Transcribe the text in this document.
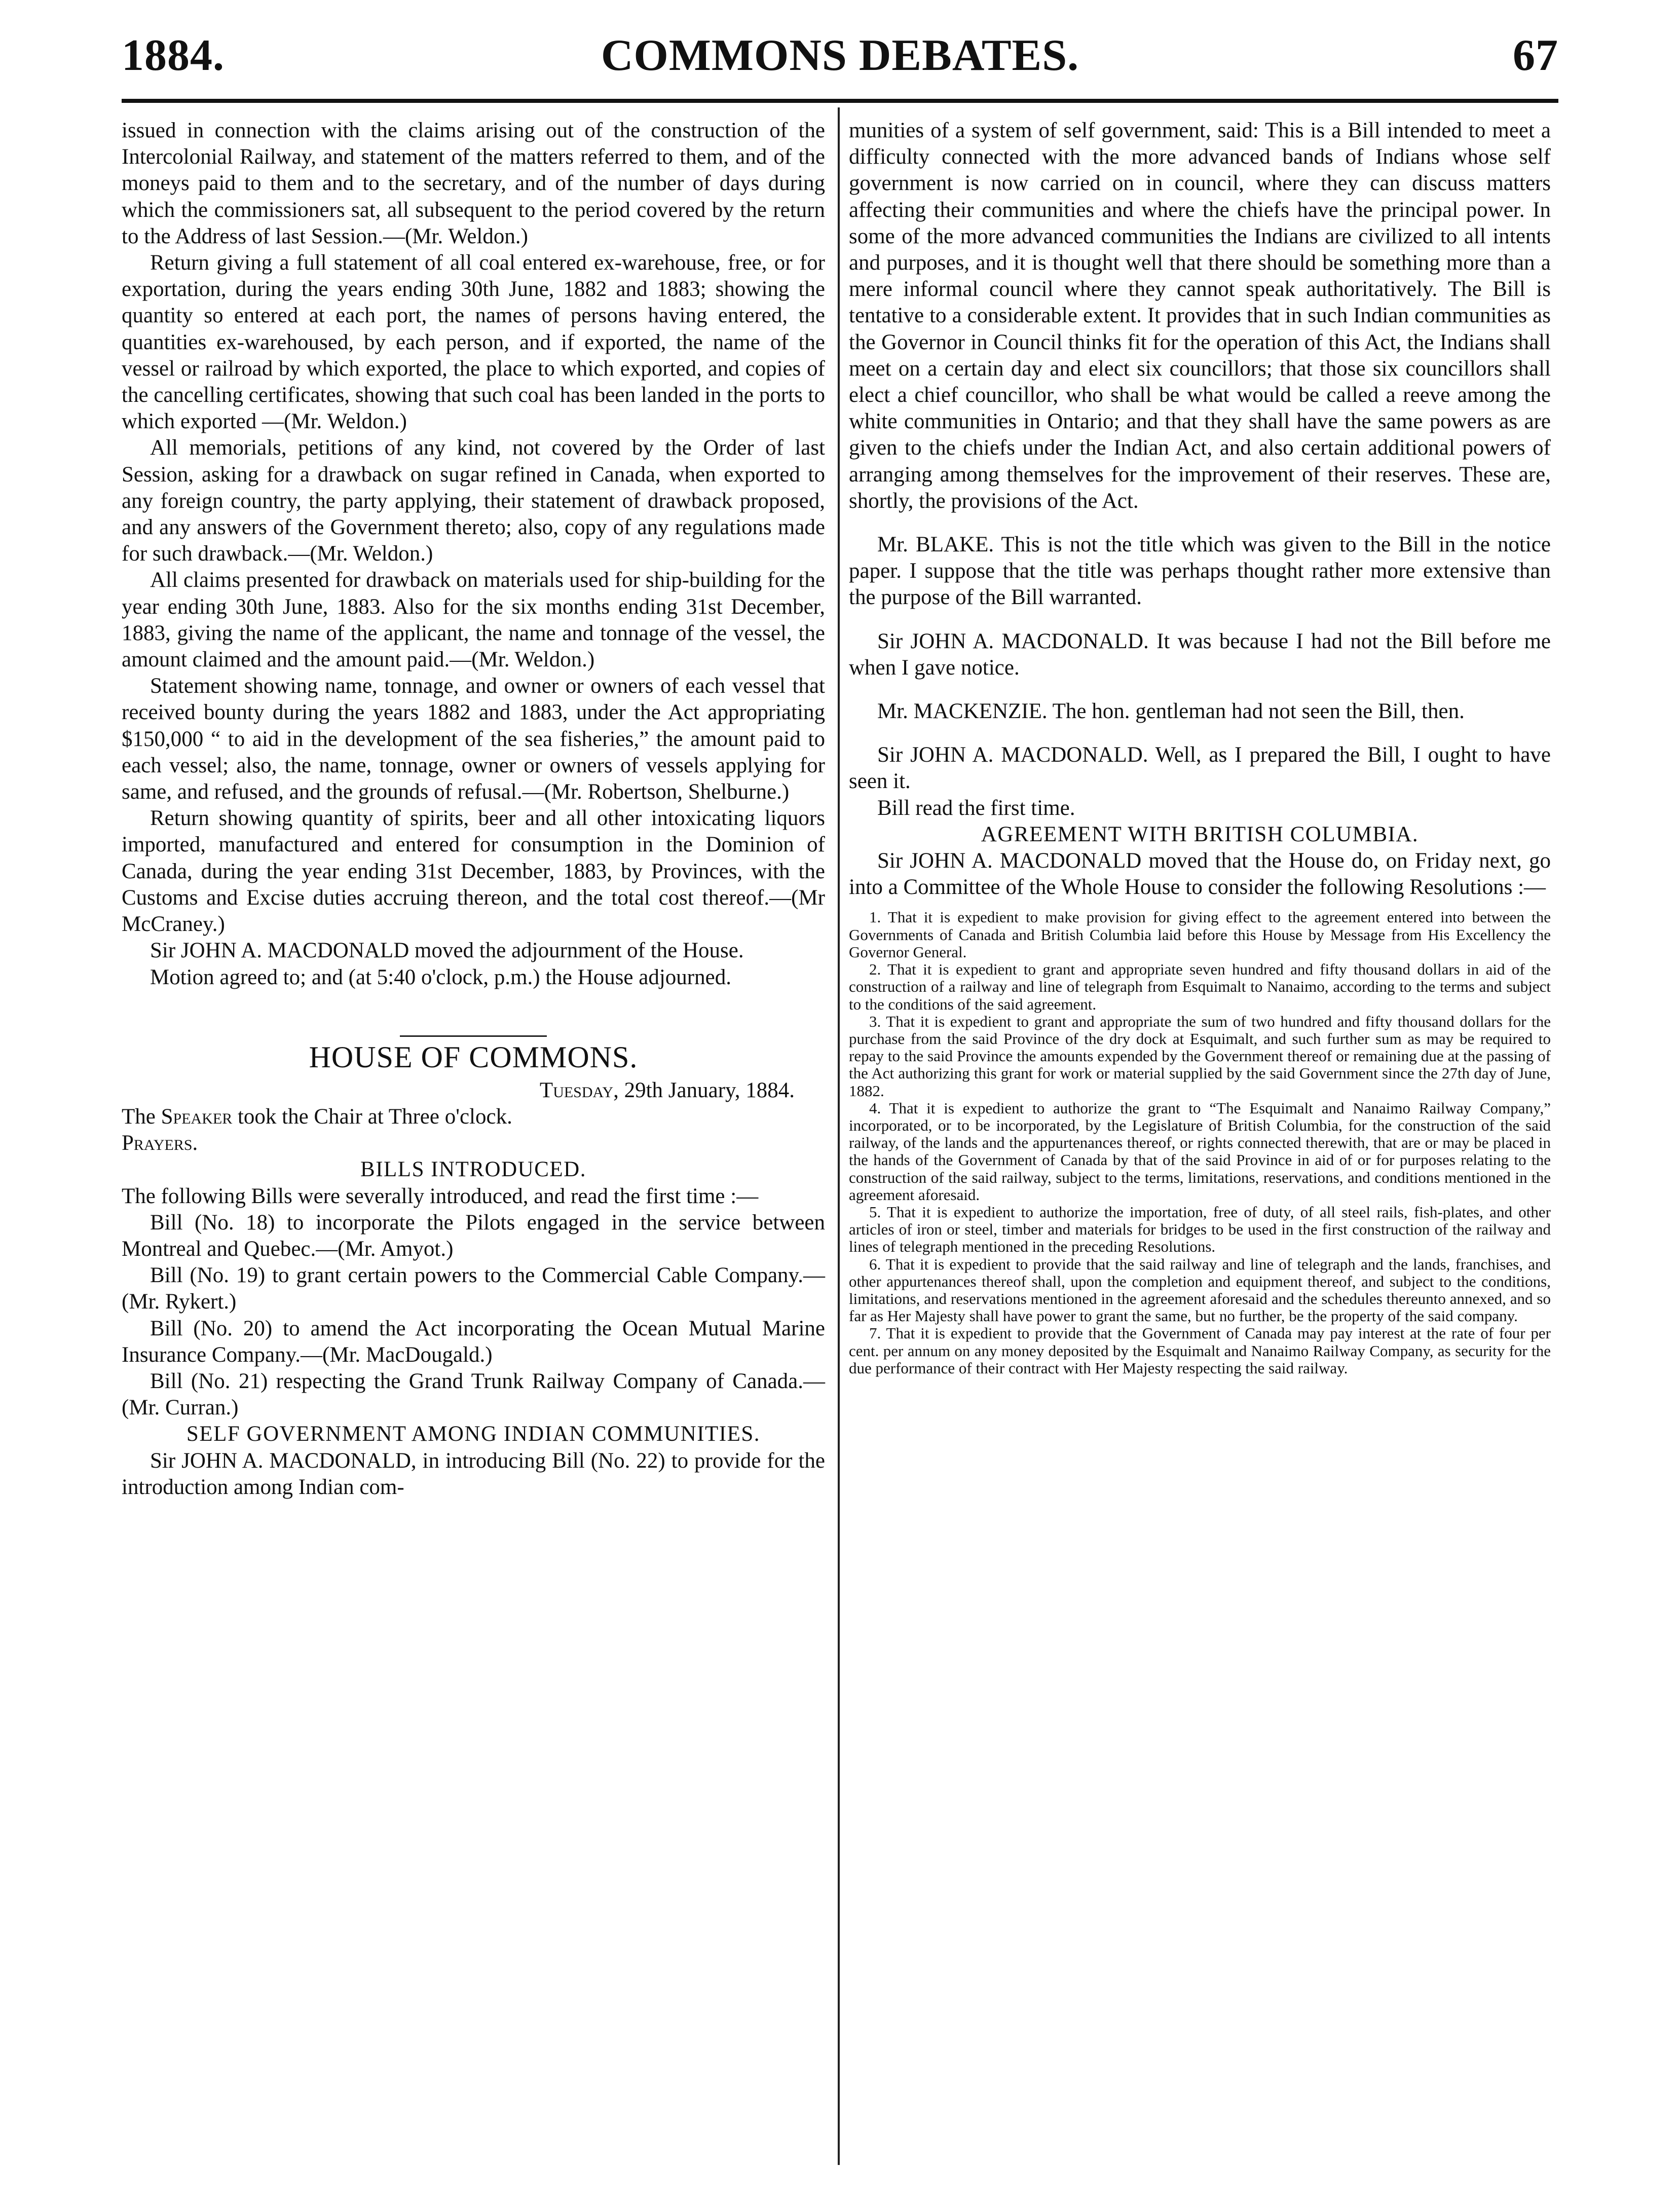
1884.	COMMONS DEBATES.	67

issued in connection with the claims arising out of the construction of the Intercolonial Railway, and statement of the matters referred to them, and of the moneys paid to them and to the secretary, and of the number of days during which the commissioners sat, all subsequent to the period covered by the return to the Address of last Session.—(Mr. Weldon.)

Return giving a full statement of all coal entered ex-warehouse, free, or for exportation, during the years ending 30th June, 1882 and 1883; showing the quantity so entered at each port, the names of persons having entered, the quantities ex-warehoused, by each person, and if exported, the name of the vessel or railroad by which exported, the place to which exported, and copies of the cancelling certificates, showing that such coal has been landed in the ports to which exported —(Mr. Weldon.)

All memorials, petitions of any kind, not covered by the Order of last Session, asking for a drawback on sugar refined in Canada, when exported to any foreign country, the party applying, their statement of drawback proposed, and any answers of the Government thereto; also, copy of any regulations made for such drawback.—(Mr. Weldon.)

All claims presented for drawback on materials used for ship-building for the year ending 30th June, 1883. Also for the six months ending 31st December, 1883, giving the name of the applicant, the name and tonnage of the vessel, the amount claimed and the amount paid.—(Mr. Weldon.)

Statement showing name, tonnage, and owner or owners of each vessel that received bounty during the years 1882 and 1883, under the Act appropriating $150,000 “ to aid in the development of the sea fisheries,” the amount paid to each vessel; also, the name, tonnage, owner or owners of vessels applying for same, and refused, and the grounds of refusal.—(Mr. Robertson, Shelburne.)

Return showing quantity of spirits, beer and all other intoxicating liquors imported, manufactured and entered for consumption in the Dominion of Canada, during the year ending 31st December, 1883, by Provinces, with the Customs and Excise duties accruing thereon, and the total cost thereof.—(Mr McCraney.)

Sir JOHN A. MACDONALD moved the adjournment of the House.

Motion agreed to; and (at 5:40 o'clock, p.m.) the House adjourned.

HOUSE OF COMMONS.

Tuesday, 29th January, 1884.

The Speaker took the Chair at Three o'clock.

Prayers.

BILLS INTRODUCED.

The following Bills were severally introduced, and read the first time :—

Bill (No. 18) to incorporate the Pilots engaged in the service between Montreal and Quebec.—(Mr. Amyot.)

Bill (No. 19) to grant certain powers to the Commercial Cable Company.—(Mr. Rykert.)

Bill (No. 20) to amend the Act incorporating the Ocean Mutual Marine Insurance Company.—(Mr. MacDougald.)

Bill (No. 21) respecting the Grand Trunk Railway Company of Canada.—(Mr. Curran.)

SELF GOVERNMENT AMONG INDIAN COMMUNITIES.

Sir JOHN A. MACDONALD, in introducing Bill (No. 22) to provide for the introduction among Indian com-

munities of a system of self government, said: This is a Bill intended to meet a difficulty connected with the more advanced bands of Indians whose self government is now carried on in council, where they can discuss matters affecting their communities and where the chiefs have the principal power. In some of the more advanced communities the Indians are civilized to all intents and purposes, and it is thought well that there should be something more than a mere informal council where they cannot speak authoritatively. The Bill is tentative to a considerable extent. It provides that in such Indian communities as the Governor in Council thinks fit for the operation of this Act, the Indians shall meet on a certain day and elect six councillors; that those six councillors shall elect a chief councillor, who shall be what would be called a reeve among the white communities in Ontario; and that they shall have the same powers as are given to the chiefs under the Indian Act, and also certain additional powers of arranging among themselves for the improvement of their reserves. These are, shortly, the provisions of the Act.

Mr. BLAKE. This is not the title which was given to the Bill in the notice paper. I suppose that the title was perhaps thought rather more extensive than the purpose of the Bill warranted.

Sir JOHN A. MACDONALD. It was because I had not the Bill before me when I gave notice.

Mr. MACKENZIE. The hon. gentleman had not seen the Bill, then.

Sir JOHN A. MACDONALD. Well, as I prepared the Bill, I ought to have seen it.

Bill read the first time.

AGREEMENT WITH BRITISH COLUMBIA.

Sir JOHN A. MACDONALD moved that the House do, on Friday next, go into a Committee of the Whole House to consider the following Resolutions :—

1. That it is expedient to make provision for giving effect to the agreement entered into between the Governments of Canada and British Columbia laid before this House by Message from His Excellency the Governor General.

2. That it is expedient to grant and appropriate seven hundred and fifty thousand dollars in aid of the construction of a railway and line of telegraph from Esquimalt to Nanaimo, according to the terms and subject to the conditions of the said agreement.

3. That it is expedient to grant and appropriate the sum of two hundred and fifty thousand dollars for the purchase from the said Province of the dry dock at Esquimalt, and such further sum as may be required to repay to the said Province the amounts expended by the Government thereof or remaining due at the passing of the Act authorizing this grant for work or material supplied by the said Government since the 27th day of June, 1882.

4. That it is expedient to authorize the grant to “The Esquimalt and Nanaimo Railway Company,” incorporated, or to be incorporated, by the Legislature of British Columbia, for the construction of the said railway, of the lands and the appurtenances thereof, or rights connected therewith, that are or may be placed in the hands of the Government of Canada by that of the said Province in aid of or for purposes relating to the construction of the said railway, subject to the terms, limitations, reservations, and conditions mentioned in the agreement aforesaid.

5. That it is expedient to authorize the importation, free of duty, of all steel rails, fish-plates, and other articles of iron or steel, timber and materials for bridges to be used in the first construction of the railway and lines of telegraph mentioned in the preceding Resolutions.

6. That it is expedient to provide that the said railway and line of telegraph and the lands, franchises, and other appurtenances thereof shall, upon the completion and equipment thereof, and subject to the conditions, limitations, and reservations mentioned in the agreement aforesaid and the schedules thereunto annexed, and so far as Her Majesty shall have power to grant the same, but no further, be the property of the said company.

7. That it is expedient to provide that the Government of Canada may pay interest at the rate of four per cent. per annum on any money deposited by the Esquimalt and Nanaimo Railway Company, as security for the due performance of their contract with Her Majesty respecting the said railway.
